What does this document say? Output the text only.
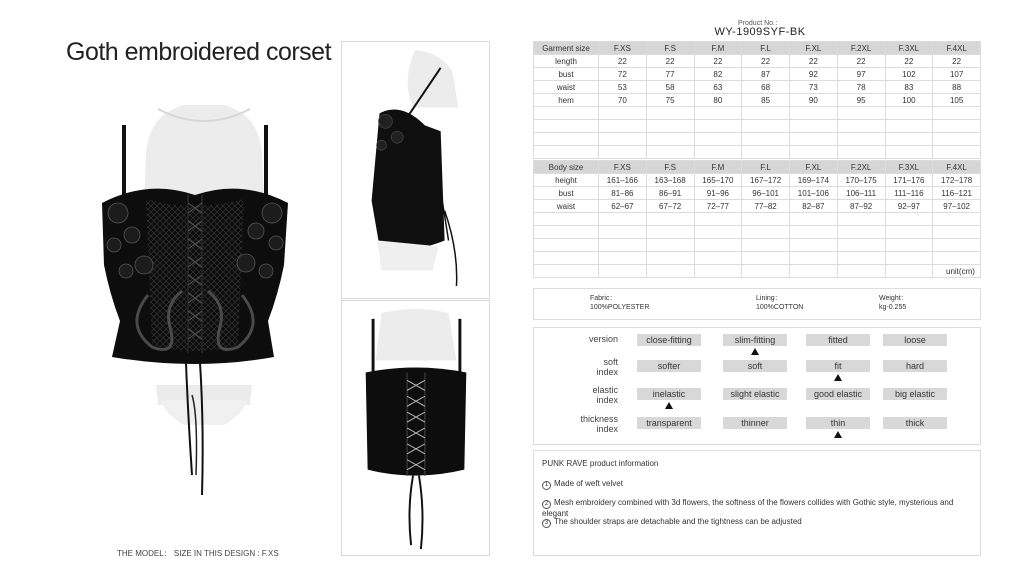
Goth embroidered corset
THE MODEL： SIZE IN THIS DESIGN : F.XS
Product No.：
WY-1909SYF-BK
Garment size	F.XS	F.S	F.M	F.L	F.XL	F.2XL	F.3XL	F.4XL
length	22	22	22	22	22	22	22	22
bust	72	77	82	87	92	97	102	107
waist	53	58	63	68	73	78	83	88
hem	70	75	80	85	90	95	100	105

Body size	F.XS	F.S	F.M	F.L	F.XL	F.2XL	F.3XL	F.4XL
height	161–166	163–168	165–170	167–172	169–174	170–175	171–176	172–178
bust	81–86	86–91	91–96	96–101	101–106	106–111	111–116	116–121
waist	62–67	67–72	72–77	77–82	82–87	87–92	92–97	97–102

unit(cm)
Fabric：
100%POLYESTER
Lining：
100%COTTON
Weight：
kg-0.255
version	close-fitting	slim-fitting	fitted	loose
soft
index
softer	soft	fit	hard
elastic
index
inelastic	slight elastic	good elastic	big elastic
thickness
index
transparent	thinner	thin	thick
PUNK RAVE product information
1 Made of weft velvet
2 Mesh embroidery combined with 3d flowers, the softness of the flowers collides with Gothic style, mysterious and elegant
3 The shoulder straps are detachable and the tightness can be adjusted
